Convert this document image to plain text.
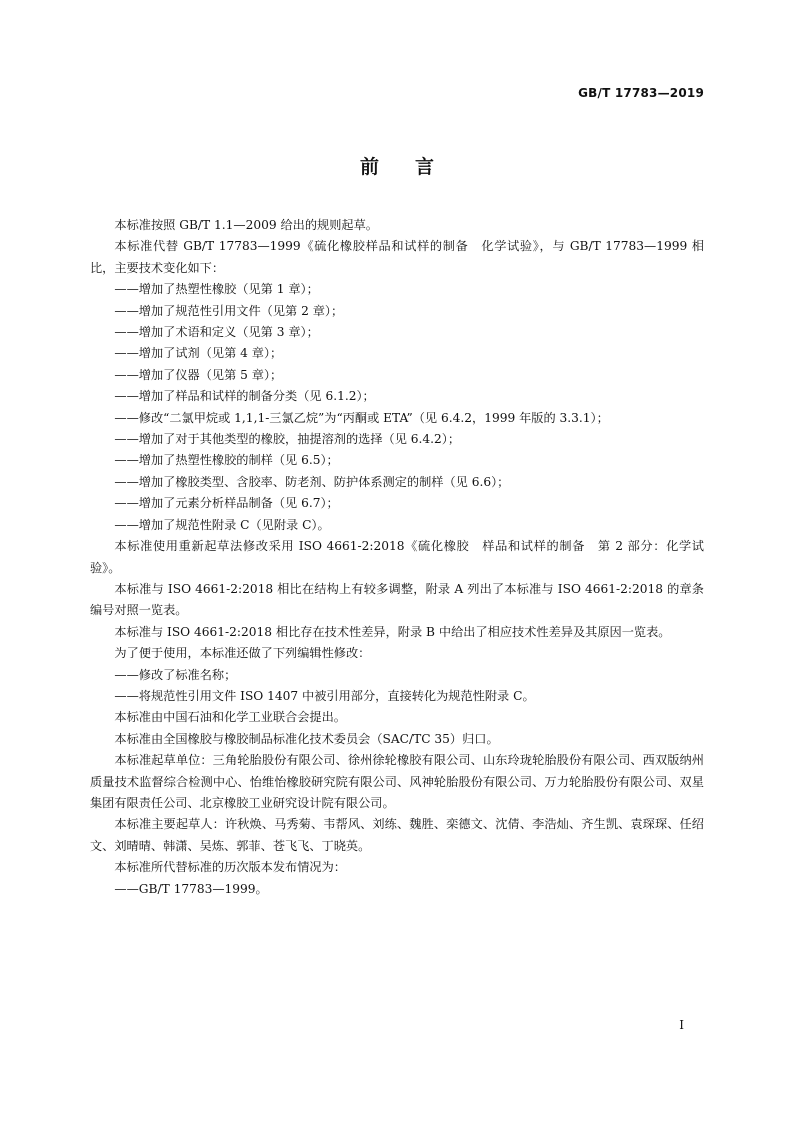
GB/T 17783—2019
前言

本标准按照 GB/T 1.1—2009 给出的规则起草。

本标准代替 GB/T 17783—1999《硫化橡胶样品和试样的制备　化学试验》，与 GB/T 17783—1999 相比，主要技术变化如下：

——增加了热塑性橡胶（见第 1 章）；

——增加了规范性引用文件（见第 2 章）；

——增加了术语和定义（见第 3 章）；

——增加了试剂（见第 4 章）；

——增加了仪器（见第 5 章）；

——增加了样品和试样的制备分类（见 6.1.2）；

——修改“二氯甲烷或 1,1,1-三氯乙烷”为“丙酮或 ETA”（见 6.4.2，1999 年版的 3.3.1）；

——增加了对于其他类型的橡胶，抽提溶剂的选择（见 6.4.2）；

——增加了热塑性橡胶的制样（见 6.5）；

——增加了橡胶类型、含胶率、防老剂、防护体系测定的制样（见 6.6）；

——增加了元素分析样品制备（见 6.7）；

——增加了规范性附录 C（见附录 C）。

本标准使用重新起草法修改采用 ISO 4661-2:2018《硫化橡胶　样品和试样的制备　第 2 部分：化学试验》。

本标准与 ISO 4661-2:2018 相比在结构上有较多调整，附录 A 列出了本标准与 ISO 4661-2:2018 的章条编号对照一览表。

本标准与 ISO 4661-2:2018 相比存在技术性差异，附录 B 中给出了相应技术性差异及其原因一览表。

为了便于使用，本标准还做了下列编辑性修改：

——修改了标准名称；

——将规范性引用文件 ISO 1407 中被引用部分，直接转化为规范性附录 C。

本标准由中国石油和化学工业联合会提出。

本标准由全国橡胶与橡胶制品标准化技术委员会（SAC/TC 35）归口。

本标准起草单位：三角轮胎股份有限公司、徐州徐轮橡胶有限公司、山东玲珑轮胎股份有限公司、西双版纳州质量技术监督综合检测中心、怡维怡橡胶研究院有限公司、风神轮胎股份有限公司、万力轮胎股份有限公司、双星集团有限责任公司、北京橡胶工业研究设计院有限公司。

本标准主要起草人：许秋焕、马秀菊、韦帮风、刘练、魏胜、栾德文、沈倩、李浩灿、齐生凯、袁琛琛、任绍文、刘晴晴、韩潇、吴炼、郭菲、苍飞飞、丁晓英。

本标准所代替标准的历次版本发布情况为：

——GB/T 17783—1999。

I
